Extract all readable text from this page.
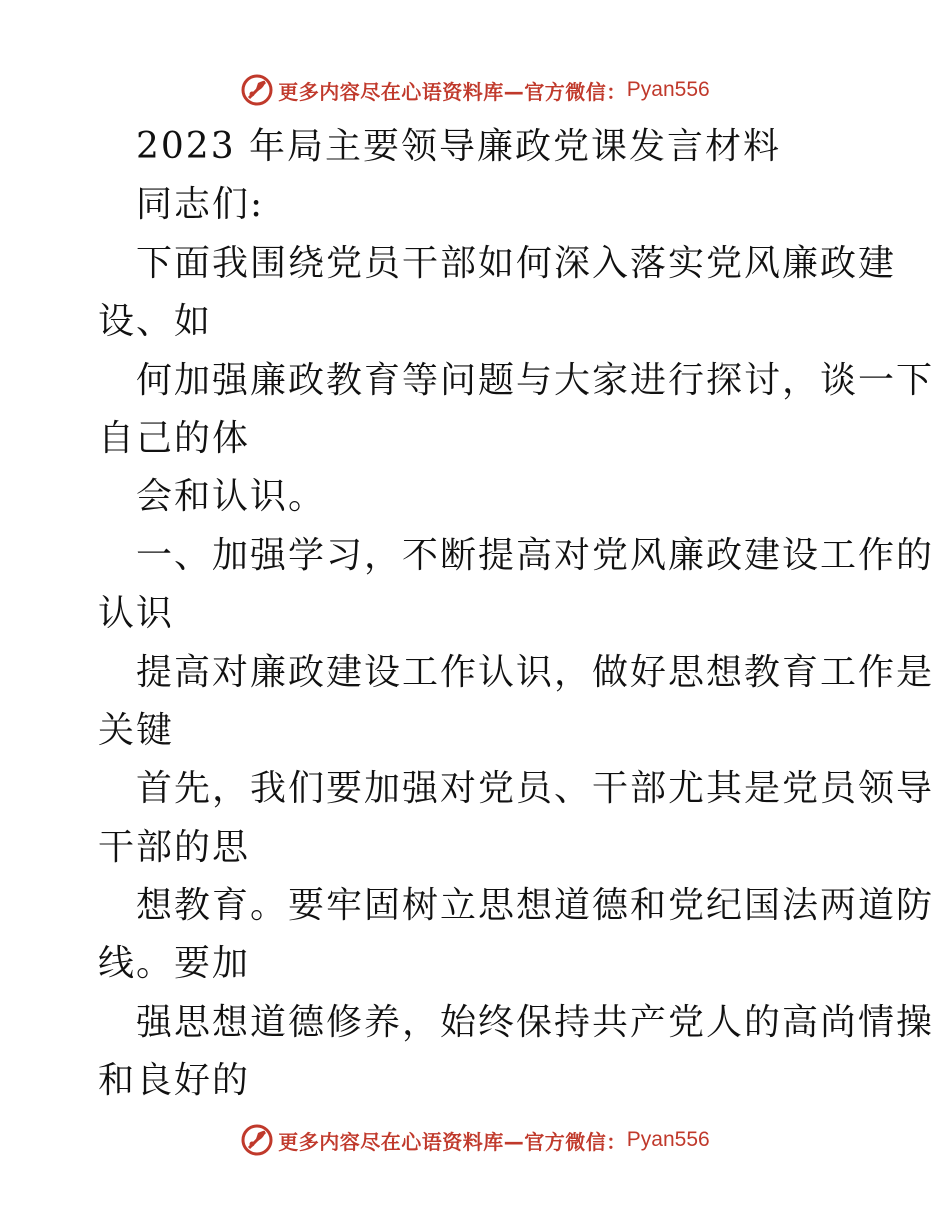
更多内容尽在心语资料库—官方微信： Pyan556
2023 年局主要领导廉政党课发言材料
同志们:
下面我围绕党员干部如何深入落实党风廉政建
设、如
何加强廉政教育等问题与大家进行探讨，谈一下
自己的体
会和认识。
一、加强学习，不断提高对党风廉政建设工作的
认识
提高对廉政建设工作认识，做好思想教育工作是
关键
首先，我们要加强对党员、干部尤其是党员领导
干部的思
想教育。要牢固树立思想道德和党纪国法两道防
线。要加
强思想道德修养，始终保持共产党人的高尚情操
和良好的
更多内容尽在心语资料库—官方微信： Pyan556
